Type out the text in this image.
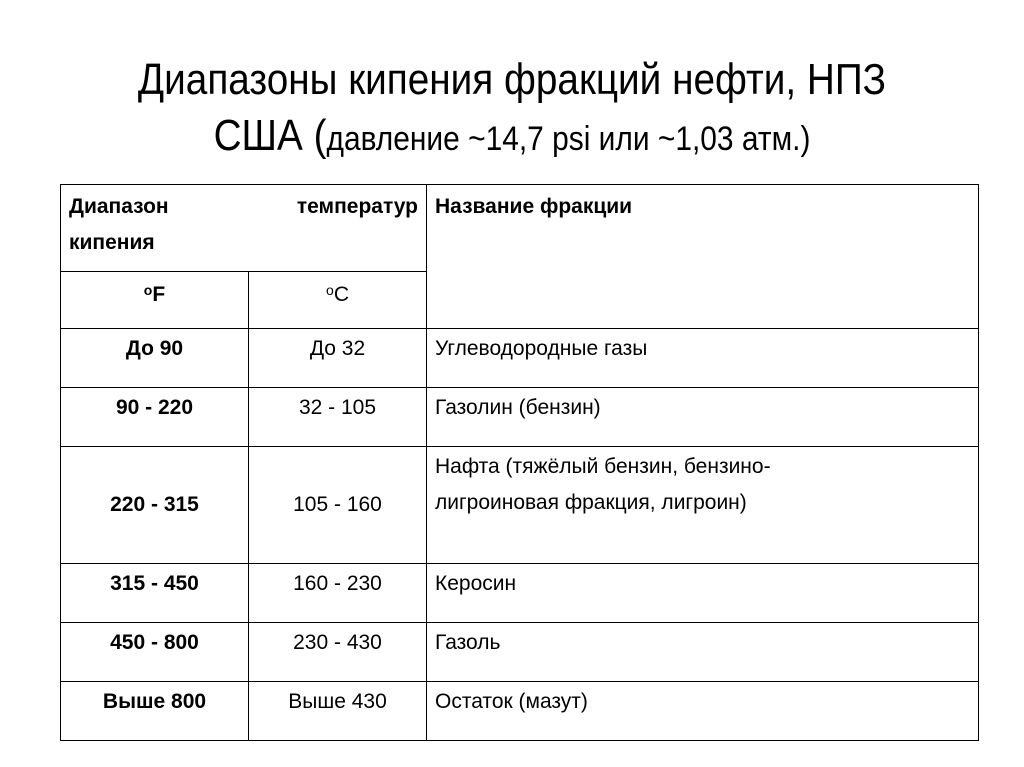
Диапазоны кипения фракций нефти, НПЗ
США (давление ~14,7 psi или ~1,03 атм.)
Диапазон температур
кипения		Название фракции
$^o$F	$^o$C	
До 90	До 32	Углеводородные газы
90 - 220	32 - 105	Газолин (бензин)
220 - 315	105 - 160	Нафта (тяжёлый бензин, бензино-лигроиновая фракция, лигроин)
315 - 450	160 - 230	Керосин
450 - 800	230 - 430	Газоль
Выше 800	Выше 430	Остаток (мазут)
